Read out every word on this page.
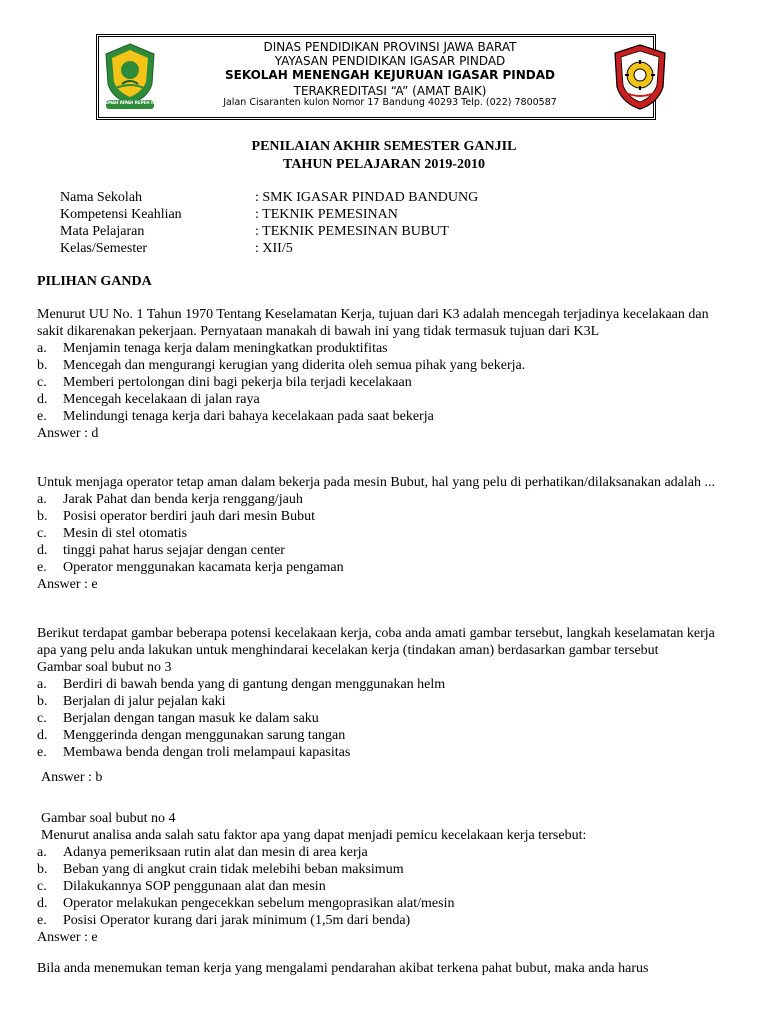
GEMAH RIPAH REPEH RAPIH
DINAS PENDIDIKAN PROVINSI JAWA BARAT
YAYASAN PENDIDIKAN IGASAR PINDAD
SEKOLAH MENENGAH KEJURUAN IGASAR PINDAD
TERAKREDITASI “A” (AMAT BAIK)
Jalan Cisaranten kulon Nomor 17 Bandung 40293 Telp. (022) 7800587
PENILAIAN AKHIR SEMESTER GANJIL
TAHUN PELAJARAN 2019-2010
Nama Sekolah	: SMK IGASAR PINDAD BANDUNG
Kompetensi Keahlian	: TEKNIK PEMESINAN
Mata Pelajaran	: TEKNIK PEMESINAN BUBUT
Kelas/Semester	: XII/5
PILIHAN GANDA

Menurut UU No. 1 Tahun 1970 Tentang Keselamatan Kerja, tujuan dari K3 adalah mencegah terjadinya kecelakaan dan sakit dikarenakan pekerjaan. Pernyataan manakah di bawah ini yang tidak termasuk tujuan dari K3L

a. Menjamin tenaga kerja dalam meningkatkan produktifitas
b. Mencegah dan mengurangi kerugian yang diderita oleh semua pihak yang bekerja.
c. Memberi pertolongan dini bagi pekerja bila terjadi kecelakaan
d. Mencegah kecelakaan di jalan raya
e. Melindungi tenaga kerja dari bahaya kecelakaan pada saat bekerja
Answer : d

Untuk menjaga operator tetap aman dalam bekerja pada mesin Bubut, hal yang pelu di perhatikan/dilaksanakan adalah ...

a. Jarak Pahat dan benda kerja renggang/jauh
b. Posisi operator berdiri jauh dari mesin Bubut
c. Mesin di stel otomatis
d. tinggi pahat harus sejajar dengan center
e. Operator menggunakan kacamata kerja pengaman
Answer : e

Berikut terdapat gambar beberapa potensi kecelakaan kerja, coba anda amati gambar tersebut, langkah keselamatan kerja apa yang pelu anda lakukan untuk menghindarai kecelakan kerja (tindakan aman) berdasarkan gambar tersebut

Gambar soal bubut no 3
a. Berdiri di bawah benda yang di gantung dengan menggunakan helm
b. Berjalan di jalur pejalan kaki
c. Berjalan dengan tangan masuk ke dalam saku
d. Menggerinda dengan menggunakan sarung tangan
e. Membawa benda dengan troli melampaui kapasitas
Answer : b
Gambar soal bubut no 4
Menurut analisa anda salah satu faktor apa yang dapat menjadi pemicu kecelakaan kerja tersebut:
a. Adanya pemeriksaan rutin alat dan mesin di area kerja
b. Beban yang di angkut crain tidak melebihi beban maksimum
c. Dilakukannya SOP penggunaan alat dan mesin
d. Operator melakukan pengecekkan sebelum mengoprasikan alat/mesin
e. Posisi Operator kurang dari jarak minimum (1,5m dari benda)
Answer : e
Bila anda menemukan teman kerja yang mengalami pendarahan akibat terkena pahat bubut, maka anda harus
